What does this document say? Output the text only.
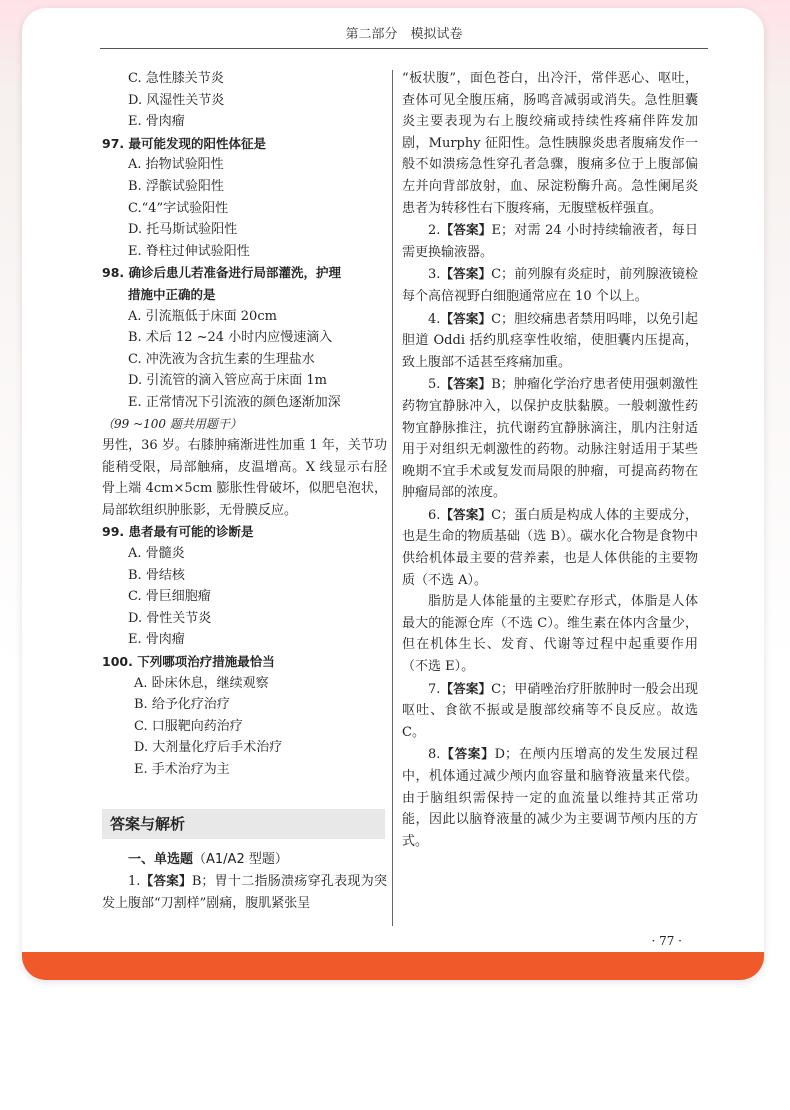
第二部分　模拟试卷
C. 急性膝关节炎
D. 风湿性关节炎
E. 骨肉瘤
97. 最可能发现的阳性体征是
A. 抬物试验阳性
B. 浮髌试验阳性
C.“4”字试验阳性
D. 托马斯试验阳性
E. 脊柱过伸试验阳性
98. 确诊后患儿若准备进行局部灌洗，护理
措施中正确的是
A. 引流瓶低于床面 20cm
B. 术后 12 ~24 小时内应慢速滴入
C. 冲洗液为含抗生素的生理盐水
D. 引流管的滴入管应高于床面 1m
E. 正常情况下引流液的颜色逐渐加深
（99 ~100 题共用题干）
男性，36 岁。右膝肿痛渐进性加重 1 年，关节功能稍受限，局部触痛，皮温增高。X 线显示右胫骨上端 4cm×5cm 膨胀性骨破坏，似肥皂泡状，局部软组织肿胀影，无骨膜反应。
99. 患者最有可能的诊断是
A. 骨髓炎
B. 骨结核
C. 骨巨细胞瘤
D. 骨性关节炎
E. 骨肉瘤
100. 下列哪项治疗措施最恰当
A. 卧床休息，继续观察
B. 给予化疗治疗
C. 口服靶向药治疗
D. 大剂量化疗后手术治疗
E. 手术治疗为主
答案与解析
一、单选题（A1/A2 型题）
1.【答案】B；胃十二指肠溃疡穿孔表现为突发上腹部“刀割样”剧痛，腹肌紧张呈
“板状腹”，面色苍白，出冷汗，常伴恶心、呕吐，查体可见全腹压痛，肠鸣音减弱或消失。急性胆囊炎主要表现为右上腹绞痛或持续性疼痛伴阵发加剧，Murphy 征阳性。急性胰腺炎患者腹痛发作一般不如溃疡急性穿孔者急骤，腹痛多位于上腹部偏左并向背部放射，血、尿淀粉酶升高。急性阑尾炎患者为转移性右下腹疼痛，无腹壁板样强直。
2.【答案】E；对需 24 小时持续输液者，每日需更换输液器。
3.【答案】C；前列腺有炎症时，前列腺液镜检每个高倍视野白细胞通常应在 10 个以上。
4.【答案】C；胆绞痛患者禁用吗啡，以免引起胆道 Oddi 括约肌痉挛性收缩，使胆囊内压提高，致上腹部不适甚至疼痛加重。
5.【答案】B；肿瘤化学治疗患者使用强刺激性药物宜静脉冲入，以保护皮肤黏膜。一般刺激性药物宜静脉推注，抗代谢药宜静脉滴注，肌内注射适用于对组织无刺激性的药物。动脉注射适用于某些晚期不宜手术或复发而局限的肿瘤，可提高药物在肿瘤局部的浓度。
6.【答案】C；蛋白质是构成人体的主要成分，也是生命的物质基础（选 B）。碳水化合物是食物中供给机体最主要的营养素，也是人体供能的主要物质（不选 A）。
脂肪是人体能量的主要贮存形式，体脂是人体最大的能源仓库（不选 C）。维生素在体内含量少，但在机体生长、发育、代谢等过程中起重要作用（不选 E）。
7.【答案】C；甲硝唑治疗肝脓肿时一般会出现呕吐、食欲不振或是腹部绞痛等不良反应。故选 C。
8.【答案】D；在颅内压增高的发生发展过程中，机体通过减少颅内血容量和脑脊液量来代偿。由于脑组织需保持一定的血流量以维持其正常功能，因此以脑脊液量的减少为主要调节颅内压的方式。
· 77 ·
